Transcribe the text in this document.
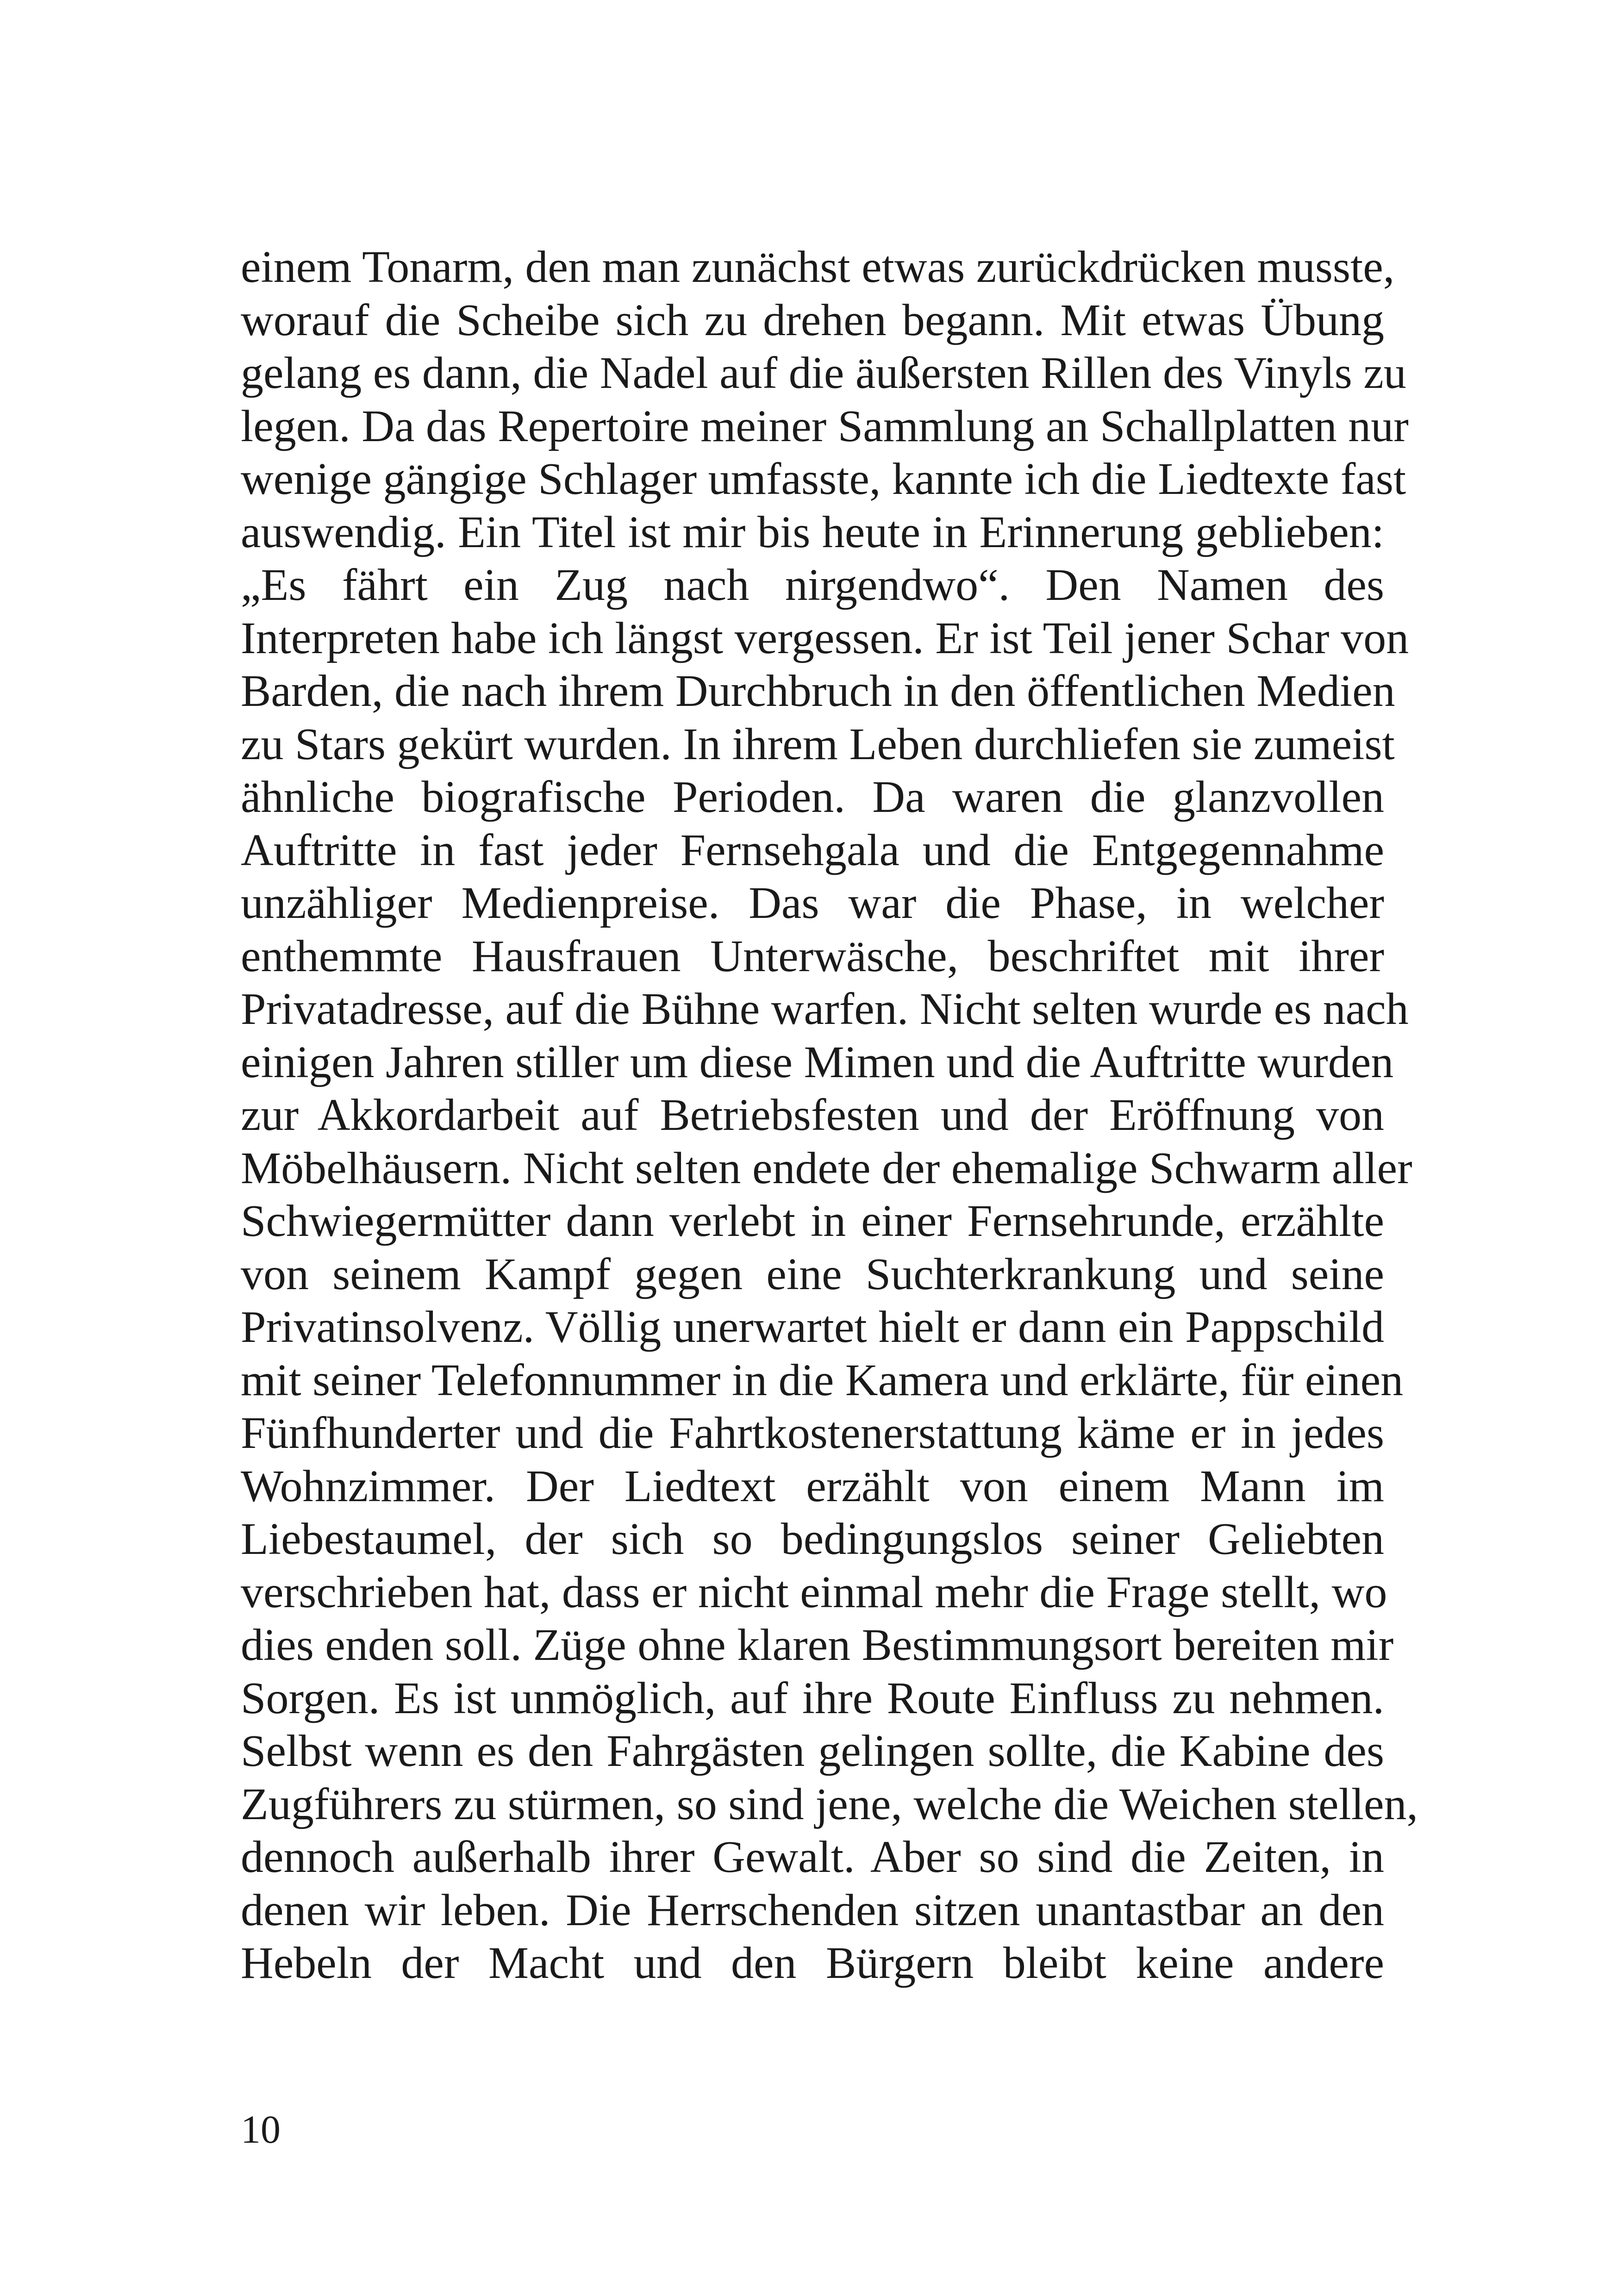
einem Tonarm, den man zunächst etwas zurückdrücken musste,
worauf die Scheibe sich zu drehen begann. Mit etwas Übung
gelang es dann, die Nadel auf die äußersten Rillen des Vinyls zu
legen. Da das Repertoire meiner Sammlung an Schallplatten nur
wenige gängige Schlager umfasste, kannte ich die Liedtexte fast
auswendig. Ein Titel ist mir bis heute in Erinnerung geblieben:
„Es fährt ein Zug nach nirgendwo“. Den Namen des
Interpreten habe ich längst vergessen. Er ist Teil jener Schar von
Barden, die nach ihrem Durchbruch in den öffentlichen Medien
zu Stars gekürt wurden. In ihrem Leben durchliefen sie zumeist
ähnliche biografische Perioden. Da waren die glanzvollen
Auftritte in fast jeder Fernsehgala und die Entgegennahme
unzähliger Medienpreise. Das war die Phase, in welcher
enthemmte Hausfrauen Unterwäsche, beschriftet mit ihrer
Privatadresse, auf die Bühne warfen. Nicht selten wurde es nach
einigen Jahren stiller um diese Mimen und die Auftritte wurden
zur Akkordarbeit auf Betriebsfesten und der Eröffnung von
Möbelhäusern. Nicht selten endete der ehemalige Schwarm aller
Schwiegermütter dann verlebt in einer Fernsehrunde, erzählte
von seinem Kampf gegen eine Suchterkrankung und seine
Privatinsolvenz. Völlig unerwartet hielt er dann ein Pappschild
mit seiner Telefonnummer in die Kamera und erklärte, für einen
Fünfhunderter und die Fahrtkostenerstattung käme er in jedes
Wohnzimmer. Der Liedtext erzählt von einem Mann im
Liebestaumel, der sich so bedingungslos seiner Geliebten
verschrieben hat, dass er nicht einmal mehr die Frage stellt, wo
dies enden soll. Züge ohne klaren Bestimmungsort bereiten mir
Sorgen. Es ist unmöglich, auf ihre Route Einfluss zu nehmen.
Selbst wenn es den Fahrgästen gelingen sollte, die Kabine des
Zugführers zu stürmen, so sind jene, welche die Weichen stellen,
dennoch außerhalb ihrer Gewalt. Aber so sind die Zeiten, in
denen wir leben. Die Herrschenden sitzen unantastbar an den
Hebeln der Macht und den Bürgern bleibt keine andere
10
